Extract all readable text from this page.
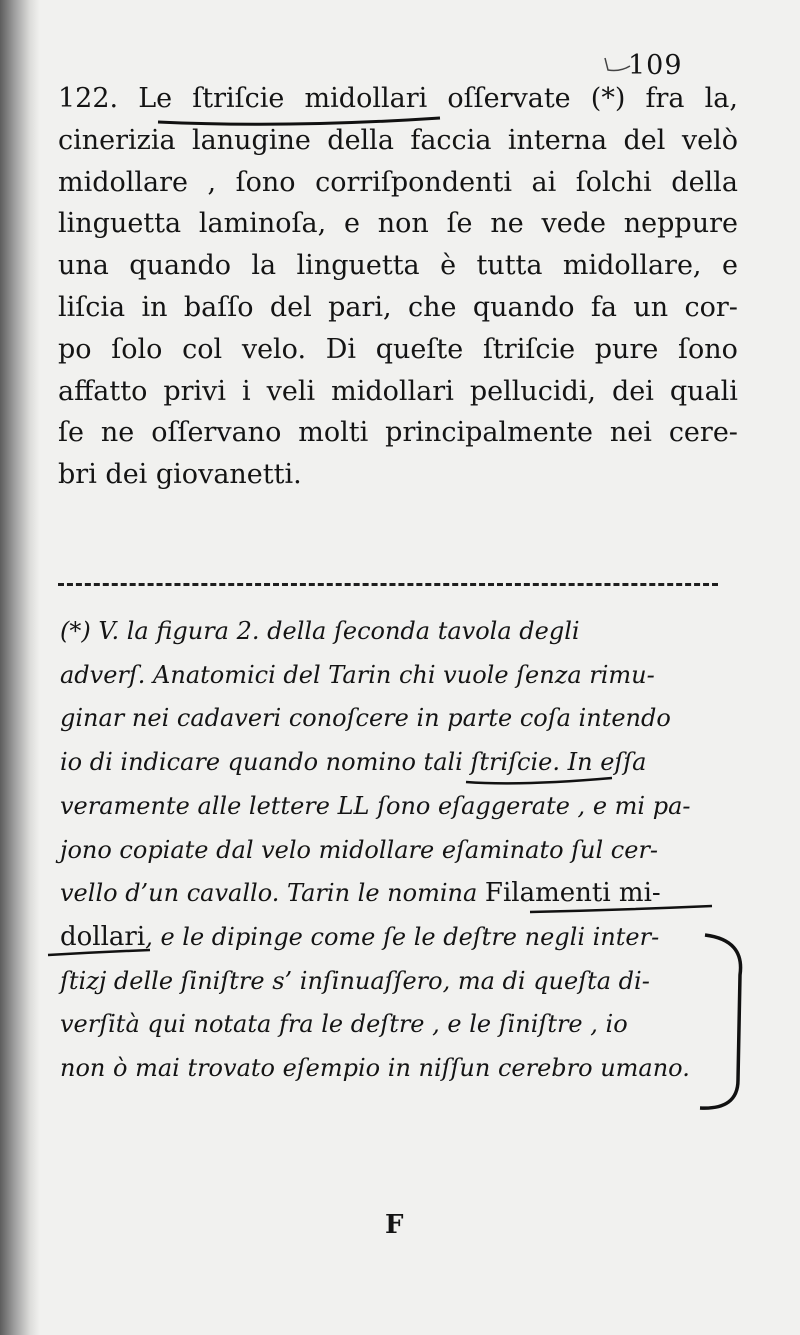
109
122. Le ſtriſcie midollari oſſervate (*) fra la,
cinerizia lanugine della faccia interna del velò
midollare , ſono corriſpondenti ai ſolchi della
linguetta laminoſa, e non ſe ne vede neppure
una quando la linguetta è tutta midollare, e
liſcia in baſſo del pari, che quando fa un cor-
po ſolo col velo. Di queſte ſtriſcie pure ſono
affatto privi i veli midollari pellucidi, dei quali
ſe ne oſſervano molti principalmente nei cere-
bri dei giovanetti.
(*) V. la figura 2. della ſeconda tavola degli
adverſ. Anatomici del Tarin chi vuole ſenza rimu-
ginar nei cadaveri conoſcere in parte coſa intendo
io di indicare quando nomino tali ſtriſcie. In eſſa
veramente alle lettere LL ſono eſaggerate , e mi pa-
jono copiate dal velo midollare eſaminato ſul cer-
vello d’un cavallo. Tarin le nomina Filamenti mi-
dollari, e le dipinge come ſe le deſtre negli inter-
ſtizj delle ſiniſtre s’ inſinuaſſero, ma di queſta di-
verſità qui notata fra le deſtre , e le ſiniſtre , io
non ò mai trovato eſempio in niſſun cerebro umano.
F
